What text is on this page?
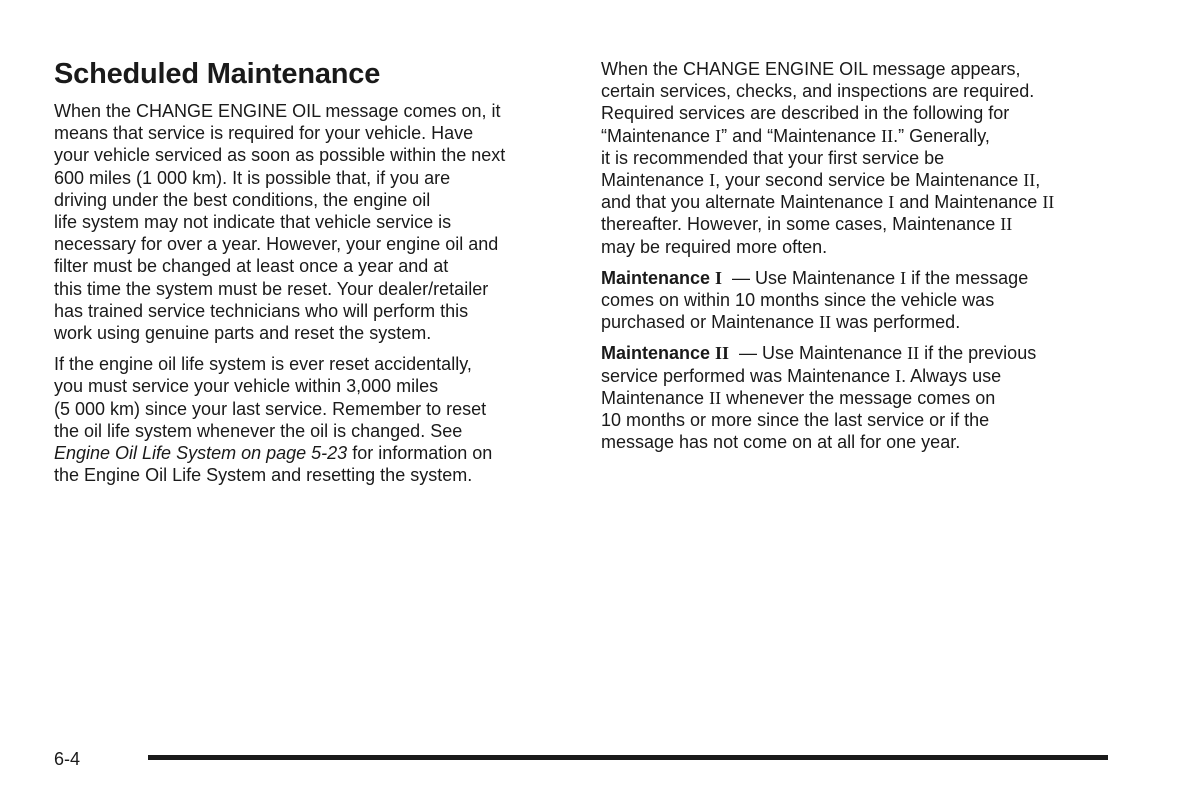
Scheduled Maintenance

When the CHANGE ENGINE OIL message comes on, it
means that service is required for your vehicle. Have
your vehicle serviced as soon as possible within the next
600 miles (1 000 km). It is possible that, if you are
driving under the best conditions, the engine oil
life system may not indicate that vehicle service is
necessary for over a year. However, your engine oil and
filter must be changed at least once a year and at
this time the system must be reset. Your dealer/retailer
has trained service technicians who will perform this
work using genuine parts and reset the system.

If the engine oil life system is ever reset accidentally,
you must service your vehicle within 3,000 miles
(5 000 km) since your last service. Remember to reset
the oil life system whenever the oil is changed. See
Engine Oil Life System on page 5-23 for information on
the Engine Oil Life System and resetting the system.

When the CHANGE ENGINE OIL message appears,
certain services, checks, and inspections are required.
Required services are described in the following for
“Maintenance I” and “Maintenance II.” Generally,
it is recommended that your first service be
Maintenance I, your second service be Maintenance II,
and that you alternate Maintenance I and Maintenance II
thereafter. However, in some cases, Maintenance II
may be required more often.

Maintenance I  — Use Maintenance I if the message
comes on within 10 months since the vehicle was
purchased or Maintenance II was performed.

Maintenance II  — Use Maintenance II if the previous
service performed was Maintenance I. Always use
Maintenance II whenever the message comes on
10 months or more since the last service or if the
message has not come on at all for one year.

6-4
